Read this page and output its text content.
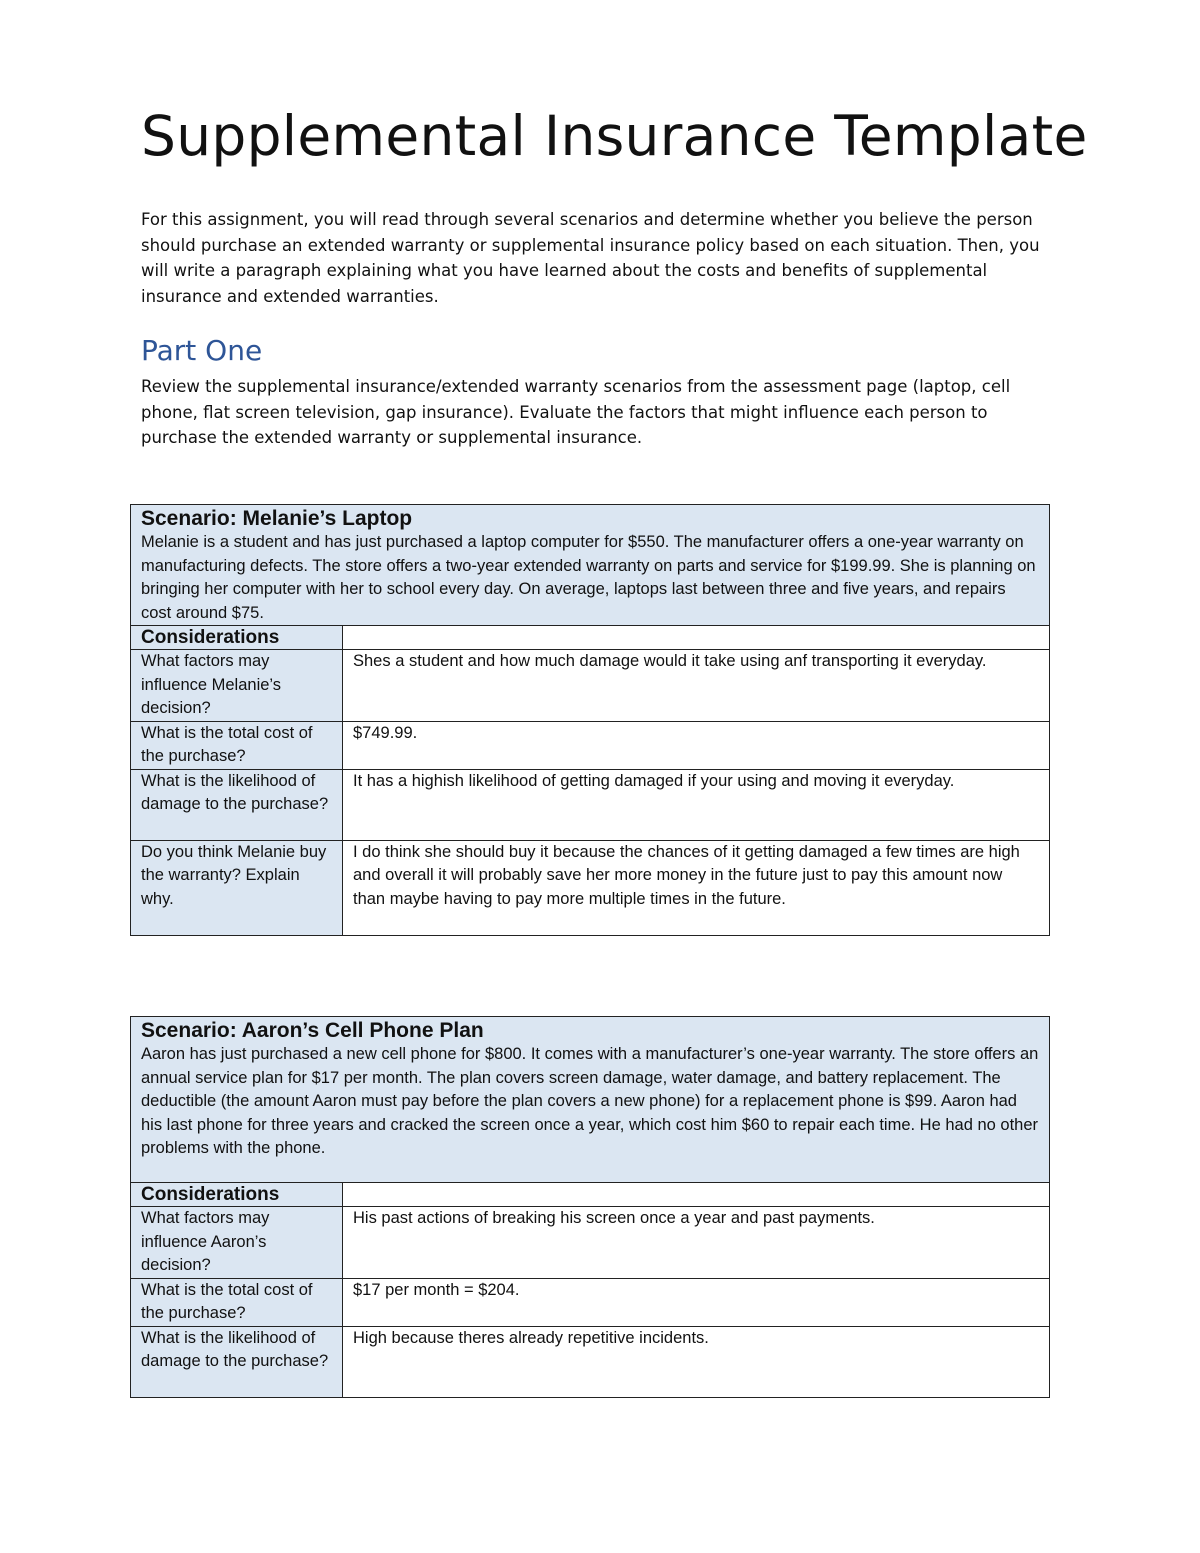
Supplemental Insurance Template

For this assignment, you will read through several scenarios and determine whether you believe the person should purchase an extended warranty or supplemental insurance policy based on each situation. Then, you will write a paragraph explaining what you have learned about the costs and benefits of supplemental insurance and extended warranties.

Part One

Review the supplemental insurance/extended warranty scenarios from the assessment page (laptop, cell phone, flat screen television, gap insurance). Evaluate the factors that might influence each person to purchase the extended warranty or supplemental insurance.

Scenario: Melanie’s Laptop
Melanie is a student and has just purchased a laptop computer for $550. The manufacturer offers a one-year warranty on manufacturing defects. The store offers a two-year extended warranty on parts and service for $199.99. She is planning on bringing her computer with her to school every day. On average, laptops last between three and five years, and repairs cost around $75.	

Considerations	
What factors may influence Melanie’s decision?	Shes a student and how much damage would it take using anf transporting it everyday.
What is the total cost of the purchase?	$749.99.
What is the likelihood of damage to the purchase?	It has a highish likelihood of getting damaged if your using and moving it everyday.
Do you think Melanie buy the warranty? Explain why.	I do think she should buy it because the chances of it getting damaged a few times are high and overall it will probably save her more money in the future just to pay this amount now than maybe having to pay more multiple times in the future.
Scenario: Aaron’s Cell Phone Plan
Aaron has just purchased a new cell phone for $800. It comes with a manufacturer’s one-year warranty. The store offers an annual service plan for $17 per month. The plan covers screen damage, water damage, and battery replacement. The deductible (the amount Aaron must pay before the plan covers a new phone) for a replacement phone is $99. Aaron had his last phone for three years and cracked the screen once a year, which cost him $60 to repair each time. He had no other problems with the phone.	

Considerations	
What factors may influence Aaron’s decision?	His past actions of breaking his screen once a year and past payments.
What is the total cost of the purchase?	$17 per month = $204.
What is the likelihood of damage to the purchase?	High because theres already repetitive incidents.
